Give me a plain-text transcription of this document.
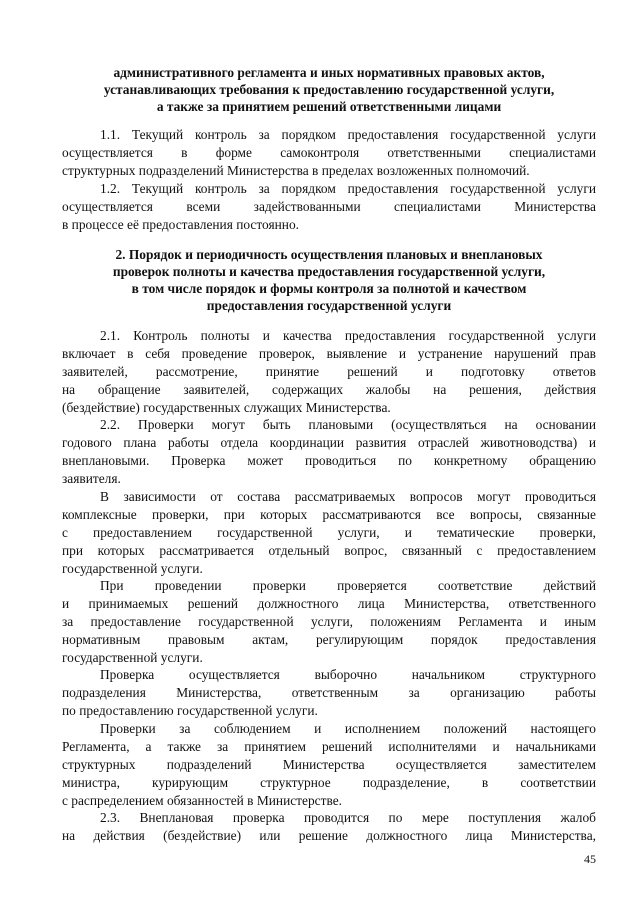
административного регламента и иных нормативных правовых актов,
устанавливающих требования к предоставлению государственной услуги,
а также за принятием решений ответственными лицами
1.1. Текущий контроль за порядком предоставления государственной услуги
осуществляется в форме самоконтроля ответственными специалистами
структурных подразделений Министерства в пределах возложенных полномочий.
1.2. Текущий контроль за порядком предоставления государственной услуги
осуществляется всеми задействованными специалистами Министерства
в процессе её предоставления постоянно.
2. Порядок и периодичность осуществления плановых и внеплановых
проверок полноты и качества предоставления государственной услуги,
в том числе порядок и формы контроля за полнотой и качеством
предоставления государственной услуги
2.1. Контроль полноты и качества предоставления государственной услуги
включает в себя проведение проверок, выявление и устранение нарушений прав
заявителей, рассмотрение, принятие решений и подготовку ответов
на обращение заявителей, содержащих жалобы на решения, действия
(бездействие) государственных служащих Министерства.
2.2. Проверки могут быть плановыми (осуществляться на основании
годового плана работы отдела координации развития отраслей животноводства) и
внеплановыми. Проверка может проводиться по конкретному обращению
заявителя.
В зависимости от состава рассматриваемых вопросов могут проводиться
комплексные проверки, при которых рассматриваются все вопросы, связанные
с предоставлением государственной услуги, и тематические проверки,
при которых рассматривается отдельный вопрос, связанный с предоставлением
государственной услуги.
При проведении проверки проверяется соответствие действий
и принимаемых решений должностного лица Министерства, ответственного
за предоставление государственной услуги, положениям Регламента и иным
нормативным правовым актам, регулирующим порядок предоставления
государственной услуги.
Проверка осуществляется выборочно начальником структурного
подразделения Министерства, ответственным за организацию работы
по предоставлению государственной услуги.
Проверки за соблюдением и исполнением положений настоящего
Регламента, а также за принятием решений исполнителями и начальниками
структурных подразделений Министерства осуществляется заместителем
министра, курирующим структурное подразделение, в соответствии
с распределением обязанностей в Министерстве.
2.3. Внеплановая проверка проводится по мере поступления жалоб
на действия (бездействие) или решение должностного лица Министерства,
45
